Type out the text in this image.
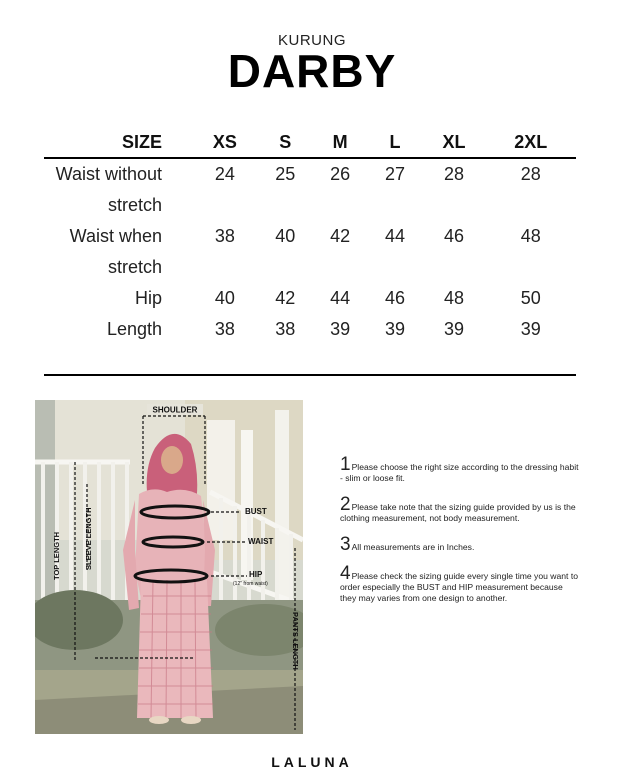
KURUNG
DARBY
SIZE	XS	S	M	L	XL	2XL
Waist without
stretch	24	25	26	27	28	28
Waist when
stretch	38	40	42	44	46	48
Hip	40	42	44	46	48	50
Length	38	38	39	39	39	39
SHOULDER
BUST
WAIST
HIP
(12" from waist)
TOP LENGTH	SLEEVE LENGTH
PANTS LENGTH
1Please choose the right size according to the dressing habit - slim or loose fit.
2Please take note that the sizing guide provided by us is the clothing measurement, not body measurement.
3All measurements are in Inches.
4Please check the sizing guide every single time you want to order especially the BUST and HIP measurement because they may varies from one design to another.
LALUNA
